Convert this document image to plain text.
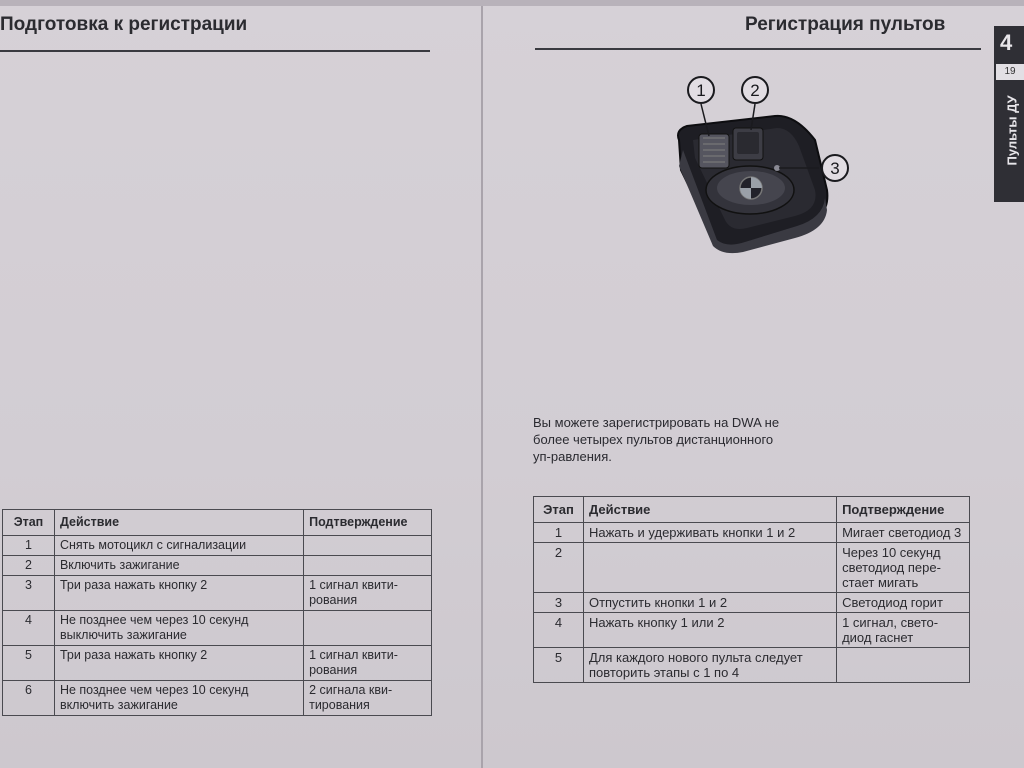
Подготовка к регистрации	Регистрация пультов
4
19
Пульты ДУ
1	2
3
Вы можете зарегистрировать на DWA не более четырех пультов дистанционного уп-равления.
Этап	Действие	Подтверждение
1	Снять мотоцикл с сигнализации	
2	Включить зажигание	
3	Три раза нажать кнопку 2	1 сигнал квити-рования
4	Не позднее чем через 10 секунд выключить зажигание	
5	Три раза нажать кнопку 2	1 сигнал квити-рования
6	Не позднее чем через 10 секунд включить зажигание	2 сигнала кви-тирования
Этап	Действие	Подтверждение
1	Нажать и удерживать кнопки 1 и 2	Мигает светодиод 3
2		Через 10 секунд светодиод пере-стает мигать
3	Отпустить кнопки 1 и 2	Светодиод горит
4	Нажать кнопку 1 или 2	1 сигнал, свето-диод гаснет
5	Для каждого нового пульта следует повторить этапы с 1 по 4	
